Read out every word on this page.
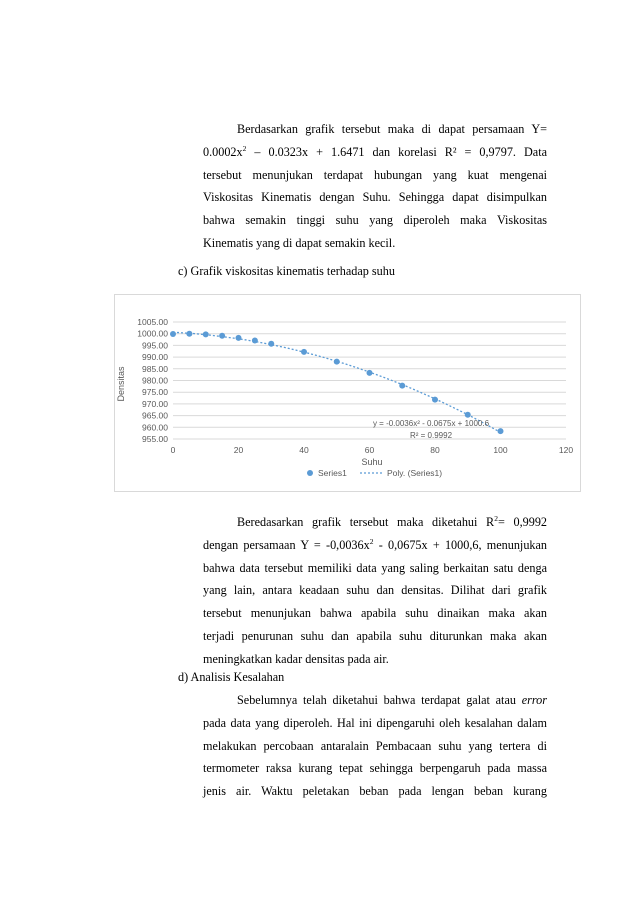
Berdasarkan grafik tersebut maka di dapat persamaan Y=
$0.0002x^2 - 0.0323x + 1.6471$ dan korelasi R² = 0,9797. Data
tersebut menunjukan terdapat hubungan yang kuat mengenai
Viskositas Kinematis dengan Suhu. Sehingga dapat disimpulkan
bahwa semakin tinggi suhu yang diperoleh maka Viskositas
Kinematis yang di dapat semakin kecil.
c) Grafik viskositas kinematis terhadap suhu
1005.00
1000.00
995.00
990.00
985.00
980.00
975.00
970.00
965.00
960.00
955.00
0	20	40	60	80	100	120
y = -0.0036x² - 0.0675x + 1000.6
R² = 0.9992
Densitas
Suhu
Series1	Poly. (Series1)
Beredasarkan grafik tersebut maka diketahui $R^2= 0,9992$
dengan persamaan $Y = -0,0036x^2 - 0,0675x + 1000,6$, menunjukan
bahwa data tersebut memiliki data yang saling berkaitan satu denga
yang lain, antara keadaan suhu dan densitas. Dilihat dari grafik
tersebut menunjukan bahwa apabila suhu dinaikan maka akan
terjadi penurunan suhu dan apabila suhu diturunkan maka akan
meningkatkan kadar densitas pada air.
d) Analisis Kesalahan
Sebelumnya telah diketahui bahwa terdapat galat atau error
pada data yang diperoleh. Hal ini dipengaruhi oleh kesalahan dalam
melakukan percobaan antaralain Pembacaan suhu yang tertera di
termometer raksa kurang tepat sehingga berpengaruh pada massa
jenis air. Waktu peletakan beban pada lengan beban kurang
